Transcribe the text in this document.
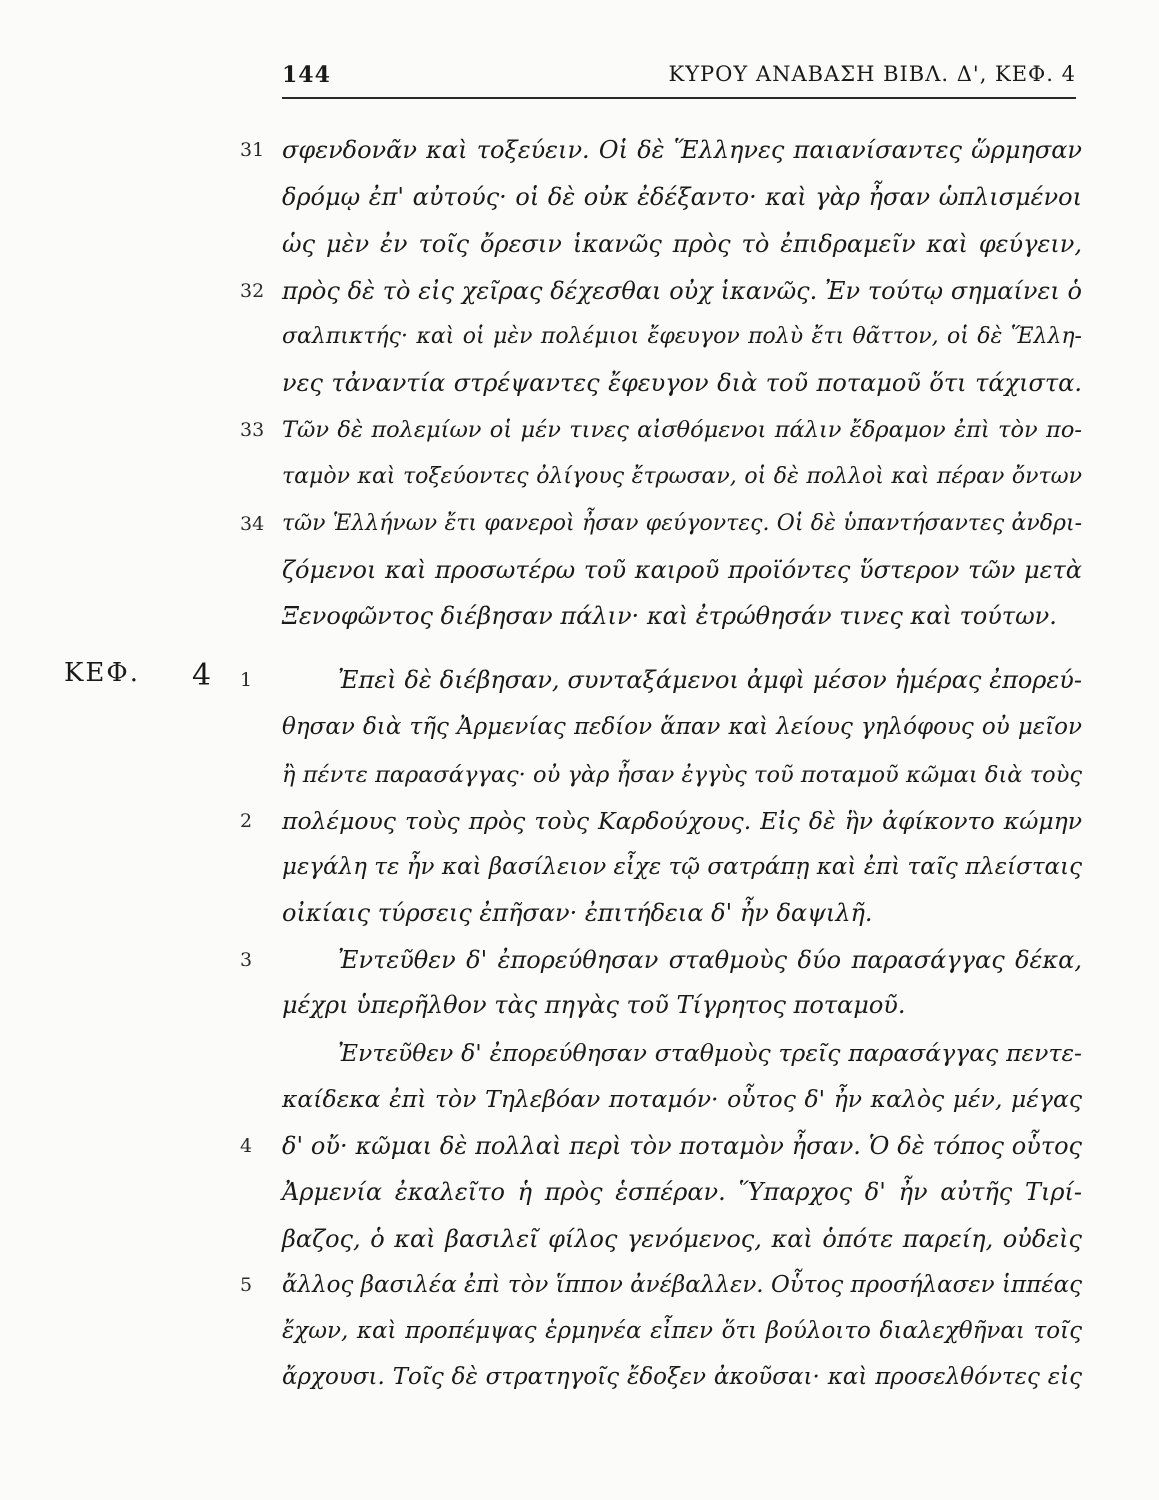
144	ΚΥΡΟΥ ΑΝΑΒΑΣΗ ΒΙΒΛ. Δ', ΚΕΦ. 4
ΚΕΦ. 4
31 σφενδονᾶν καὶ τοξεύειν. Οἱ δὲ Ἕλληνες παιανίσαντες ὥρμησαν
δρόμῳ ἐπ' αὐτούς· οἱ δὲ οὐκ ἐδέξαντο· καὶ γὰρ ἦσαν ὡπλισμένοι
ὡς μὲν ἐν τοῖς ὄρεσιν ἱκανῶς πρὸς τὸ ἐπιδραμεῖν καὶ φεύγειν,
32 πρὸς δὲ τὸ εἰς χεῖρας δέχεσθαι οὐχ ἱκανῶς. Ἐν τούτῳ σημαίνει ὁ
σαλπικτής· καὶ οἱ μὲν πολέμιοι ἔφευγον πολὺ ἔτι θᾶττον, οἱ δὲ Ἕλλη-
νες τἀναντία στρέψαντες ἔφευγον διὰ τοῦ ποταμοῦ ὅτι τάχιστα.
33 Τῶν δὲ πολεμίων οἱ μέν τινες αἰσθόμενοι πάλιν ἔδραμον ἐπὶ τὸν πο-
ταμὸν καὶ τοξεύοντες ὀλίγους ἔτρωσαν, οἱ δὲ πολλοὶ καὶ πέραν ὄντων
34 τῶν Ἑλλήνων ἔτι φανεροὶ ἦσαν φεύγοντες. Οἱ δὲ ὑπαντήσαντες ἀνδρι-
ζόμενοι καὶ προσωτέρω τοῦ καιροῦ προϊόντες ὕστερον τῶν μετὰ
Ξενοφῶντος διέβησαν πάλιν· καὶ ἐτρώθησάν τινες καὶ τούτων.
1	Ἐπεὶ δὲ διέβησαν, συνταξάμενοι ἀμφὶ μέσον ἡμέρας ἐπορεύ-
θησαν διὰ τῆς Ἀρμενίας πεδίον ἅπαν καὶ λείους γηλόφους οὐ μεῖον
ἢ πέντε παρασάγγας· οὐ γὰρ ἦσαν ἐγγὺς τοῦ ποταμοῦ κῶμαι διὰ τοὺς
2	πολέμους τοὺς πρὸς τοὺς Καρδούχους. Εἰς δὲ ἣν ἀφίκοντο κώμην
μεγάλη τε ἦν καὶ βασίλειον εἶχε τῷ σατράπῃ καὶ ἐπὶ ταῖς πλείσταις
οἰκίαις τύρσεις ἐπῆσαν· ἐπιτήδεια δ' ἦν δαψιλῆ.
3	Ἐντεῦθεν δ' ἐπορεύθησαν σταθμοὺς δύο παρασάγγας δέκα,
μέχρι ὑπερῆλθον τὰς πηγὰς τοῦ Τίγρητος ποταμοῦ.
Ἐντεῦθεν δ' ἐπορεύθησαν σταθμοὺς τρεῖς παρασάγγας πεντε-
καίδεκα ἐπὶ τὸν Τηλεβόαν ποταμόν· οὗτος δ' ἦν καλὸς μέν, μέγας
4	δ' οὔ· κῶμαι δὲ πολλαὶ περὶ τὸν ποταμὸν ἦσαν. Ὁ δὲ τόπος οὗτος
Ἀρμενία ἐκαλεῖτο ἡ πρὸς ἑσπέραν. Ὕπαρχος δ' ἦν αὐτῆς Τιρί-
βαζος, ὁ καὶ βασιλεῖ φίλος γενόμενος, καὶ ὁπότε παρείη, οὐδεὶς
5	ἄλλος βασιλέα ἐπὶ τὸν ἵππον ἀνέβαλλεν. Οὗτος προσήλασεν ἱππέας
ἔχων, καὶ προπέμψας ἑρμηνέα εἶπεν ὅτι βούλοιτο διαλεχθῆναι τοῖς
ἄρχουσι. Τοῖς δὲ στρατηγοῖς ἔδοξεν ἀκοῦσαι· καὶ προσελθόντες εἰς
